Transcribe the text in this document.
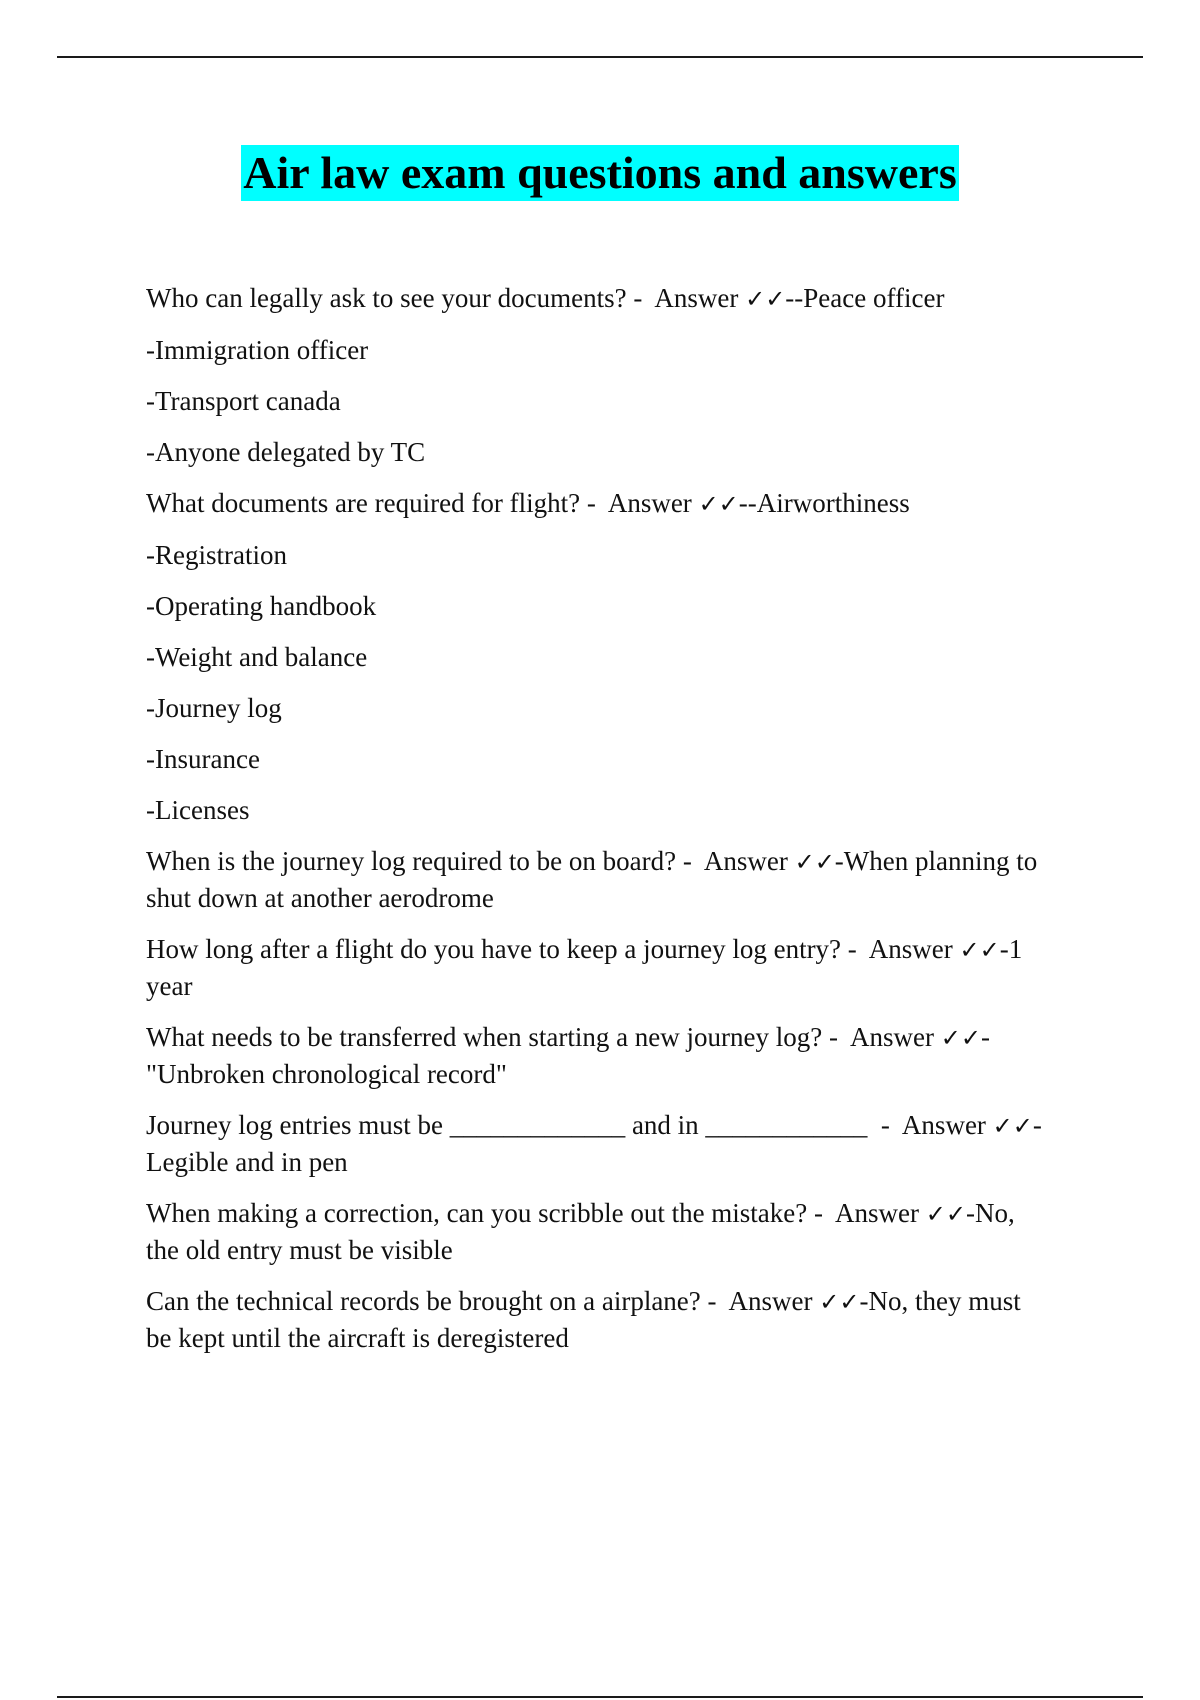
Air law exam questions and answers

Who can legally ask to see your documents? -  Answer ✓✓--Peace officer

-Immigration officer

-Transport canada

-Anyone delegated by TC

What documents are required for flight? -  Answer ✓✓--Airworthiness

-Registration

-Operating handbook

-Weight and balance

-Journey log

-Insurance

-Licenses

When is the journey log required to be on board? -  Answer ✓✓-When planning to

shut down at another aerodrome

How long after a flight do you have to keep a journey log entry? -  Answer ✓✓-1

year

What needs to be transferred when starting a new journey log? -  Answer ✓✓-

"Unbroken chronological record"

Journey log entries must be _____________ and in ____________  -  Answer ✓✓-

Legible and in pen

When making a correction, can you scribble out the mistake? -  Answer ✓✓-No,

the old entry must be visible

Can the technical records be brought on a airplane? -  Answer ✓✓-No, they must

be kept until the aircraft is deregistered
